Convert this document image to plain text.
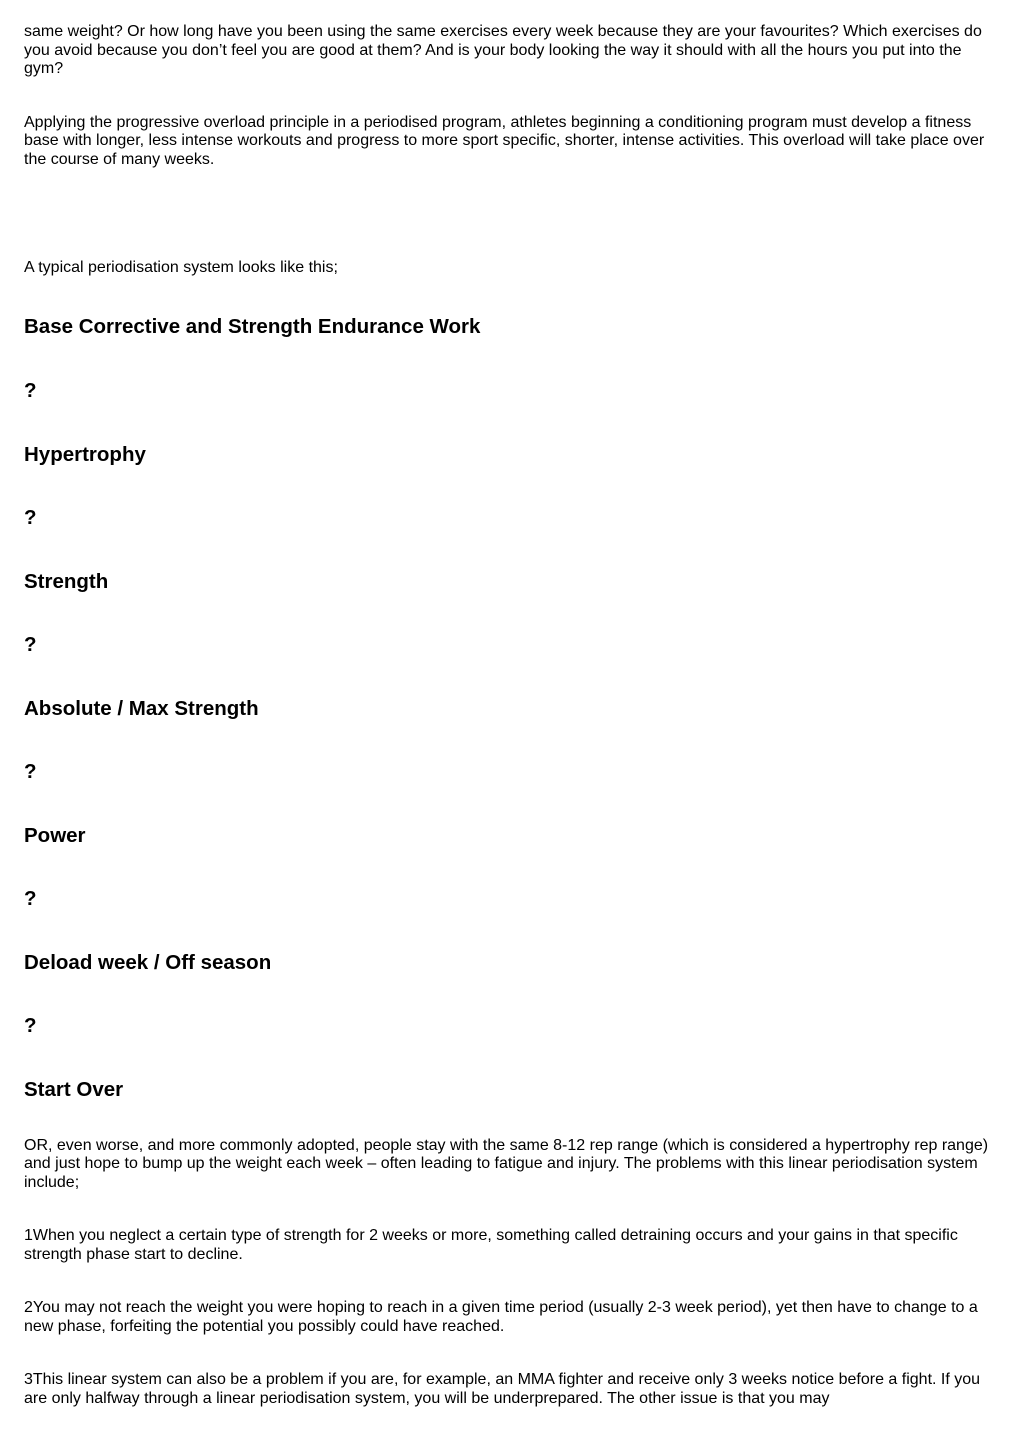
same weight? Or how long have you been using the same exercises every week because they are your favourites? Which exercises do you avoid because you don’t feel you are good at them? And is your body looking the way it should with all the hours you put into the gym?

Applying the progressive overload principle in a periodised program, athletes beginning a conditioning program must develop a fitness base with longer, less intense workouts and progress to more sport specific, shorter, intense activities. This overload will take place over the course of many weeks.

A typical periodisation system looks like this;

Base Corrective and Strength Endurance Work
?
Hypertrophy
?
Strength
?
Absolute / Max Strength
?
Power
?
Deload week / Off season
?
Start Over

OR, even worse, and more commonly adopted, people stay with the same 8-12 rep range (which is considered a hypertrophy rep range) and just hope to bump up the weight each week – often leading to fatigue and injury. The problems with this linear periodisation system include;

1When you neglect a certain type of strength for 2 weeks or more, something called detraining occurs and your gains in that specific strength phase start to decline.

2You may not reach the weight you were hoping to reach in a given time period (usually 2-3 week period), yet then have to change to a new phase, forfeiting the potential you possibly could have reached.

3This linear system can also be a problem if you are, for example, an MMA fighter and receive only 3 weeks notice before a fight. If you are only halfway through a linear periodisation system, you will be underprepared. The other issue is that you may
